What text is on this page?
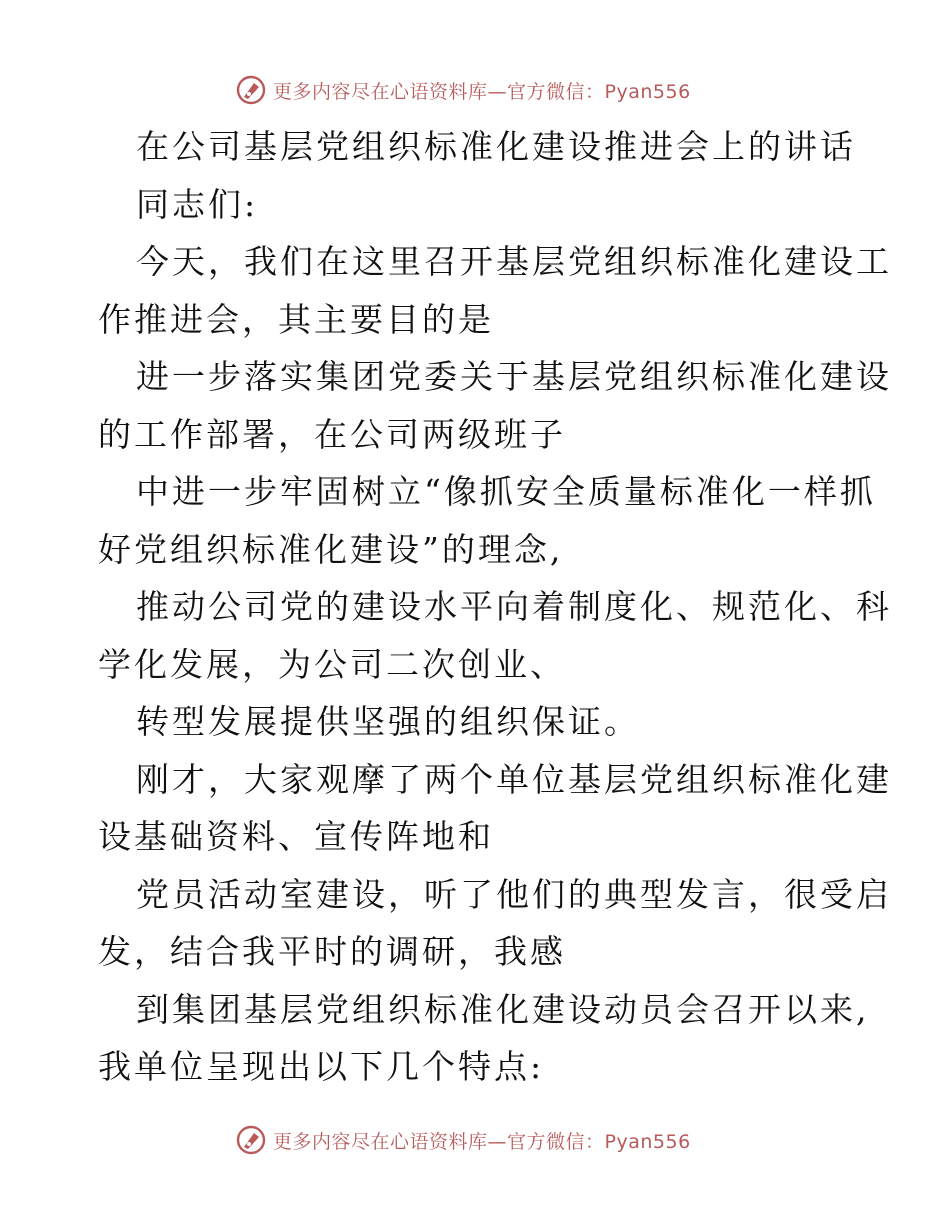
更多内容尽在心语资料库—官方微信：Pyan556
在公司基层党组织标准化建设推进会上的讲话
同志们:
今天，我们在这里召开基层党组织标准化建设工
作推进会，其主要目的是
进一步落实集团党委关于基层党组织标准化建设
的工作部署，在公司两级班子
中进一步牢固树立“像抓安全质量标准化一样抓
好党组织标准化建设”的理念,
推动公司党的建设水平向着制度化、规范化、科
学化发展，为公司二次创业、
转型发展提供坚强的组织保证。
刚才，大家观摩了两个单位基层党组织标准化建
设基础资料、宣传阵地和
党员活动室建设，听了他们的典型发言，很受启
发，结合我平时的调研，我感
到集团基层党组织标准化建设动员会召开以来,
我单位呈现出以下几个特点:
更多内容尽在心语资料库—官方微信：Pyan556
